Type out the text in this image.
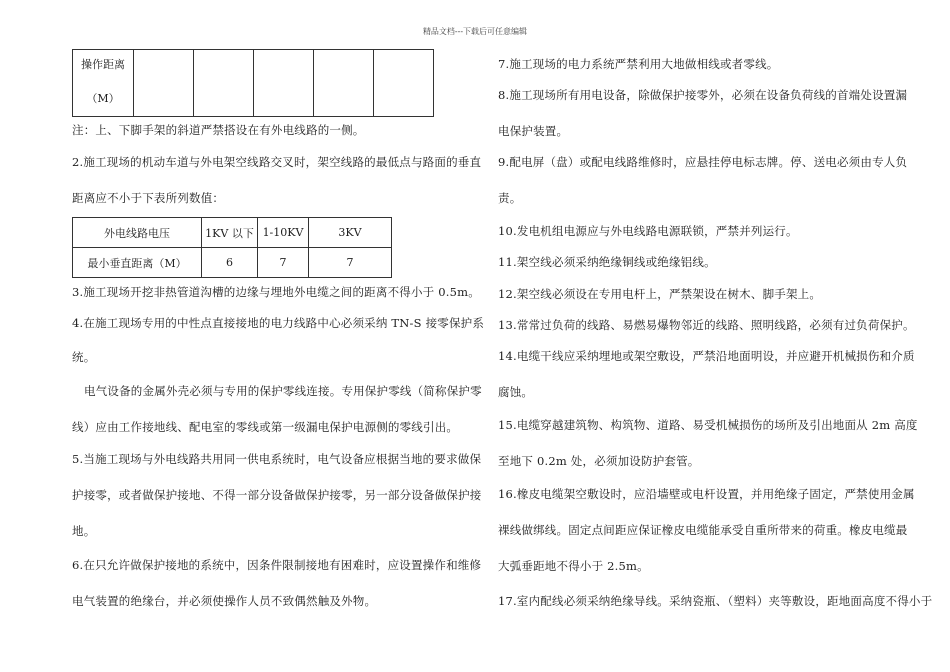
精品文档---下载后可任意编辑
操作距离
（M）

注：上、下脚手架的斜道严禁搭设在有外电线路的一侧。
2.施工现场的机动车道与外电架空线路交叉时，架空线路的最低点与路面的垂直
距离应不小于下表所列数值：
外电线路电压	1KV 以下	1-10KV	3KV
最小垂直距离（M）	6	7	7
3.施工现场开挖非热管道沟槽的边缘与埋地外电缆之间的距离不得小于 0.5m。
4.在施工现场专用的中性点直接接地的电力线路中心必须采纳 TN-S 接零保护系
统。
电气设备的金属外壳必须与专用的保护零线连接。专用保护零线（简称保护零
线）应由工作接地线、配电室的零线或第一级漏电保护电源侧的零线引出。
5.当施工现场与外电线路共用同一供电系统时，电气设备应根据当地的要求做保
护接零，或者做保护接地、不得一部分设备做保护接零，另一部分设备做保护接
地。
6.在只允许做保护接地的系统中，因条件限制接地有困难时，应设置操作和维修
电气装置的绝缘台，并必须使操作人员不致偶然触及外物。
7.施工现场的电力系统严禁利用大地做相线或者零线。
8.施工现场所有用电设备，除做保护接零外，必须在设备负荷线的首端处设置漏
电保护装置。
9.配电屏（盘）或配电线路维修时，应悬挂停电标志牌。停、送电必须由专人负
责。
10.发电机组电源应与外电线路电源联锁，严禁并列运行。
11.架空线必须采纳绝缘铜线或绝缘铝线。
12.架空线必须设在专用电杆上，严禁架设在树木、脚手架上。
13.常常过负荷的线路、易燃易爆物邻近的线路、照明线路，必须有过负荷保护。
14.电缆干线应采纳埋地或架空敷设，严禁沿地面明设，并应避开机械损伤和介质
腐蚀。
15.电缆穿越建筑物、构筑物、道路、易受机械损伤的场所及引出地面从 2m 高度
至地下 0.2m 处，必须加设防护套管。
16.橡皮电缆架空敷设时，应沿墙壁或电杆设置，并用绝缘子固定，严禁使用金属
裸线做绑线。固定点间距应保证橡皮电缆能承受自重所带来的荷重。橡皮电缆最
大弧垂距地不得小于 2.5m。
17.室内配线必须采纳绝缘导线。采纳瓷瓶、（塑料）夹等敷设，距地面高度不得小于
